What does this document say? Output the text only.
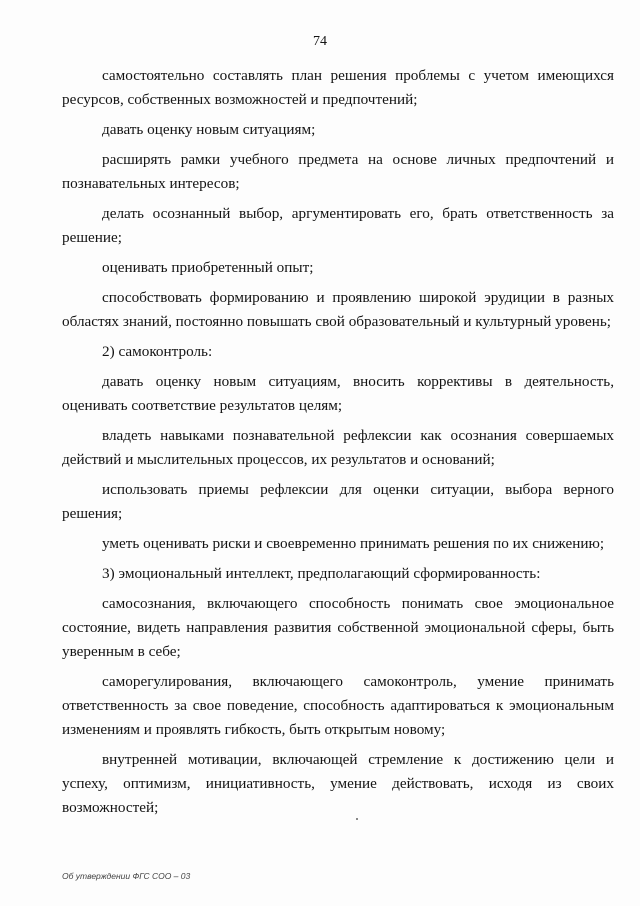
74

самостоятельно составлять план решения проблемы с учетом имеющихся ресурсов, собственных возможностей и предпочтений;

давать оценку новым ситуациям;

расширять рамки учебного предмета на основе личных предпочтений и познавательных интересов;

делать осознанный выбор, аргументировать его, брать ответственность за решение;

оценивать приобретенный опыт;

способствовать формированию и проявлению широкой эрудиции в разных областях знаний, постоянно повышать свой образовательный и культурный уровень;

2) самоконтроль:

давать оценку новым ситуациям, вносить коррективы в деятельность, оценивать соответствие результатов целям;

владеть навыками познавательной рефлексии как осознания совершаемых действий и мыслительных процессов, их результатов и оснований;

использовать приемы рефлексии для оценки ситуации, выбора верного решения;

уметь оценивать риски и своевременно принимать решения по их снижению;

3) эмоциональный интеллект, предполагающий сформированность:

самосознания, включающего способность понимать свое эмоциональное состояние, видеть направления развития собственной эмоциональной сферы, быть уверенным в себе;

саморегулирования, включающего самоконтроль, умение принимать ответственность за свое поведение, способность адаптироваться к эмоциональным изменениям и проявлять гибкость, быть открытым новому;

внутренней мотивации, включающей стремление к достижению цели и успеху, оптимизм, инициативность, умение действовать, исходя из своих возможностей;

Об утверждении ФГС СОО – 03
